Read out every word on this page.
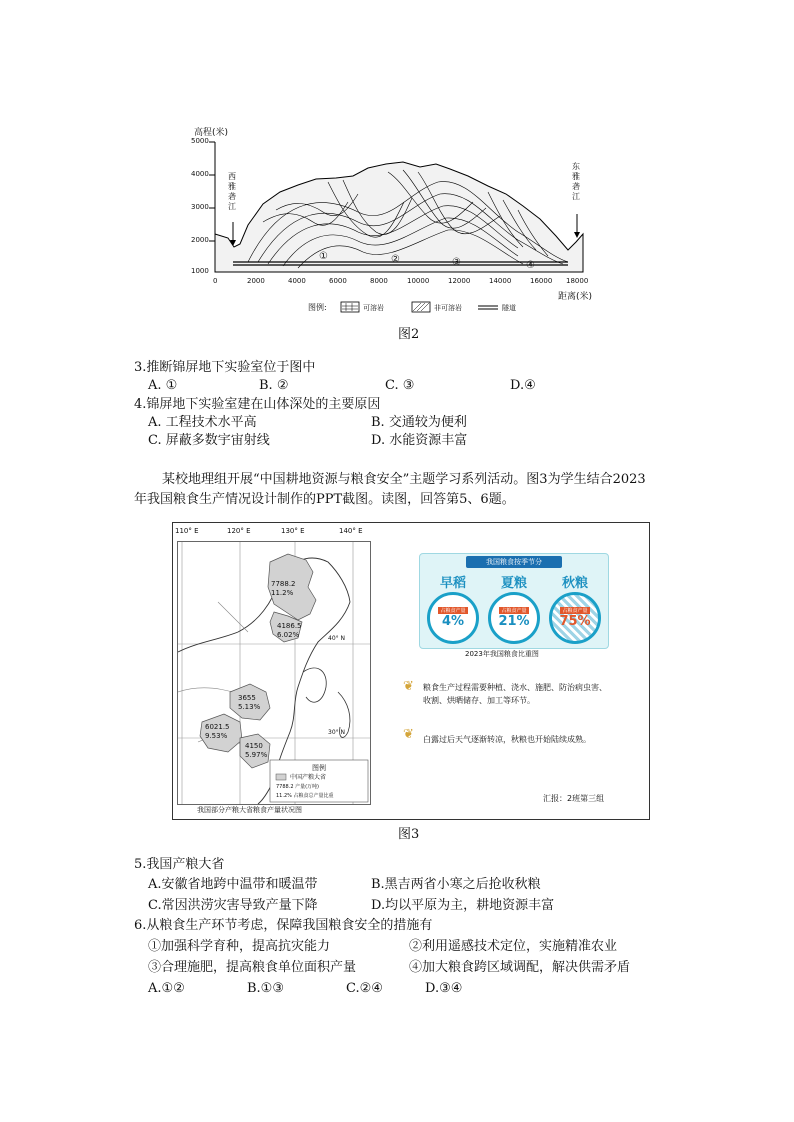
高程(米)
5000
4000
3000
2000
1000
0	2000	4000	6000	8000	10000	12000	14000	16000 18000
距离(米)
西雅砻江
东雅砻江
①	②	③	④
图例:	可溶岩	非可溶岩	隧道
图2
3.推断锦屏地下实验室位于图中
A. ①	B. ②	C. ③	D.④
4.锦屏地下实验室建在山体深处的主要原因
A. 工程技术水平高	B. 交通较为便利
C. 屏蔽多数宇宙射线	D. 水能资源丰富
某校地理组开展“中国耕地资源与粮食安全”主题学习系列活动。图3为学生结合2023
年我国粮食生产情况设计制作的PPT截图。读图，回答第5、6题。
7788.2
11.2%
4186.5
6.02%
3655
5.13%
6021.5
9.53%
4150
5.97%
图例
中国产粮大省
7788.2 产量(万吨)
11.2% 占粮食总产量比重
40° N
30° N
110° E	120° E	130° E	140° E
我国部分产粮大省粮食产量状况图
我国粮食按季节分
早稻
占粮食产量
4%
夏粮
占粮食产量
21%
秋粮
占粮食产量
75%
2023年我国粮食比重图
❦ 粮食生产过程需要种植、浇水、施肥、防治病虫害、
收割、烘晒储存、加工等环节。
❦ 白露过后天气逐渐转凉，秋粮也开始陆续成熟。
汇报：2班第三组
图3
5.我国产粮大省
A.安徽省地跨中温带和暖温带	B.黑吉两省小寒之后抢收秋粮
C.常因洪涝灾害导致产量下降	D.均以平原为主，耕地资源丰富
6.从粮食生产环节考虑，保障我国粮食安全的措施有
①加强科学育种，提高抗灾能力	②利用遥感技术定位，实施精准农业
③合理施肥，提高粮食单位面积产量	④加大粮食跨区域调配，解决供需矛盾
A.①②	B.①③	C.②④	D.③④
